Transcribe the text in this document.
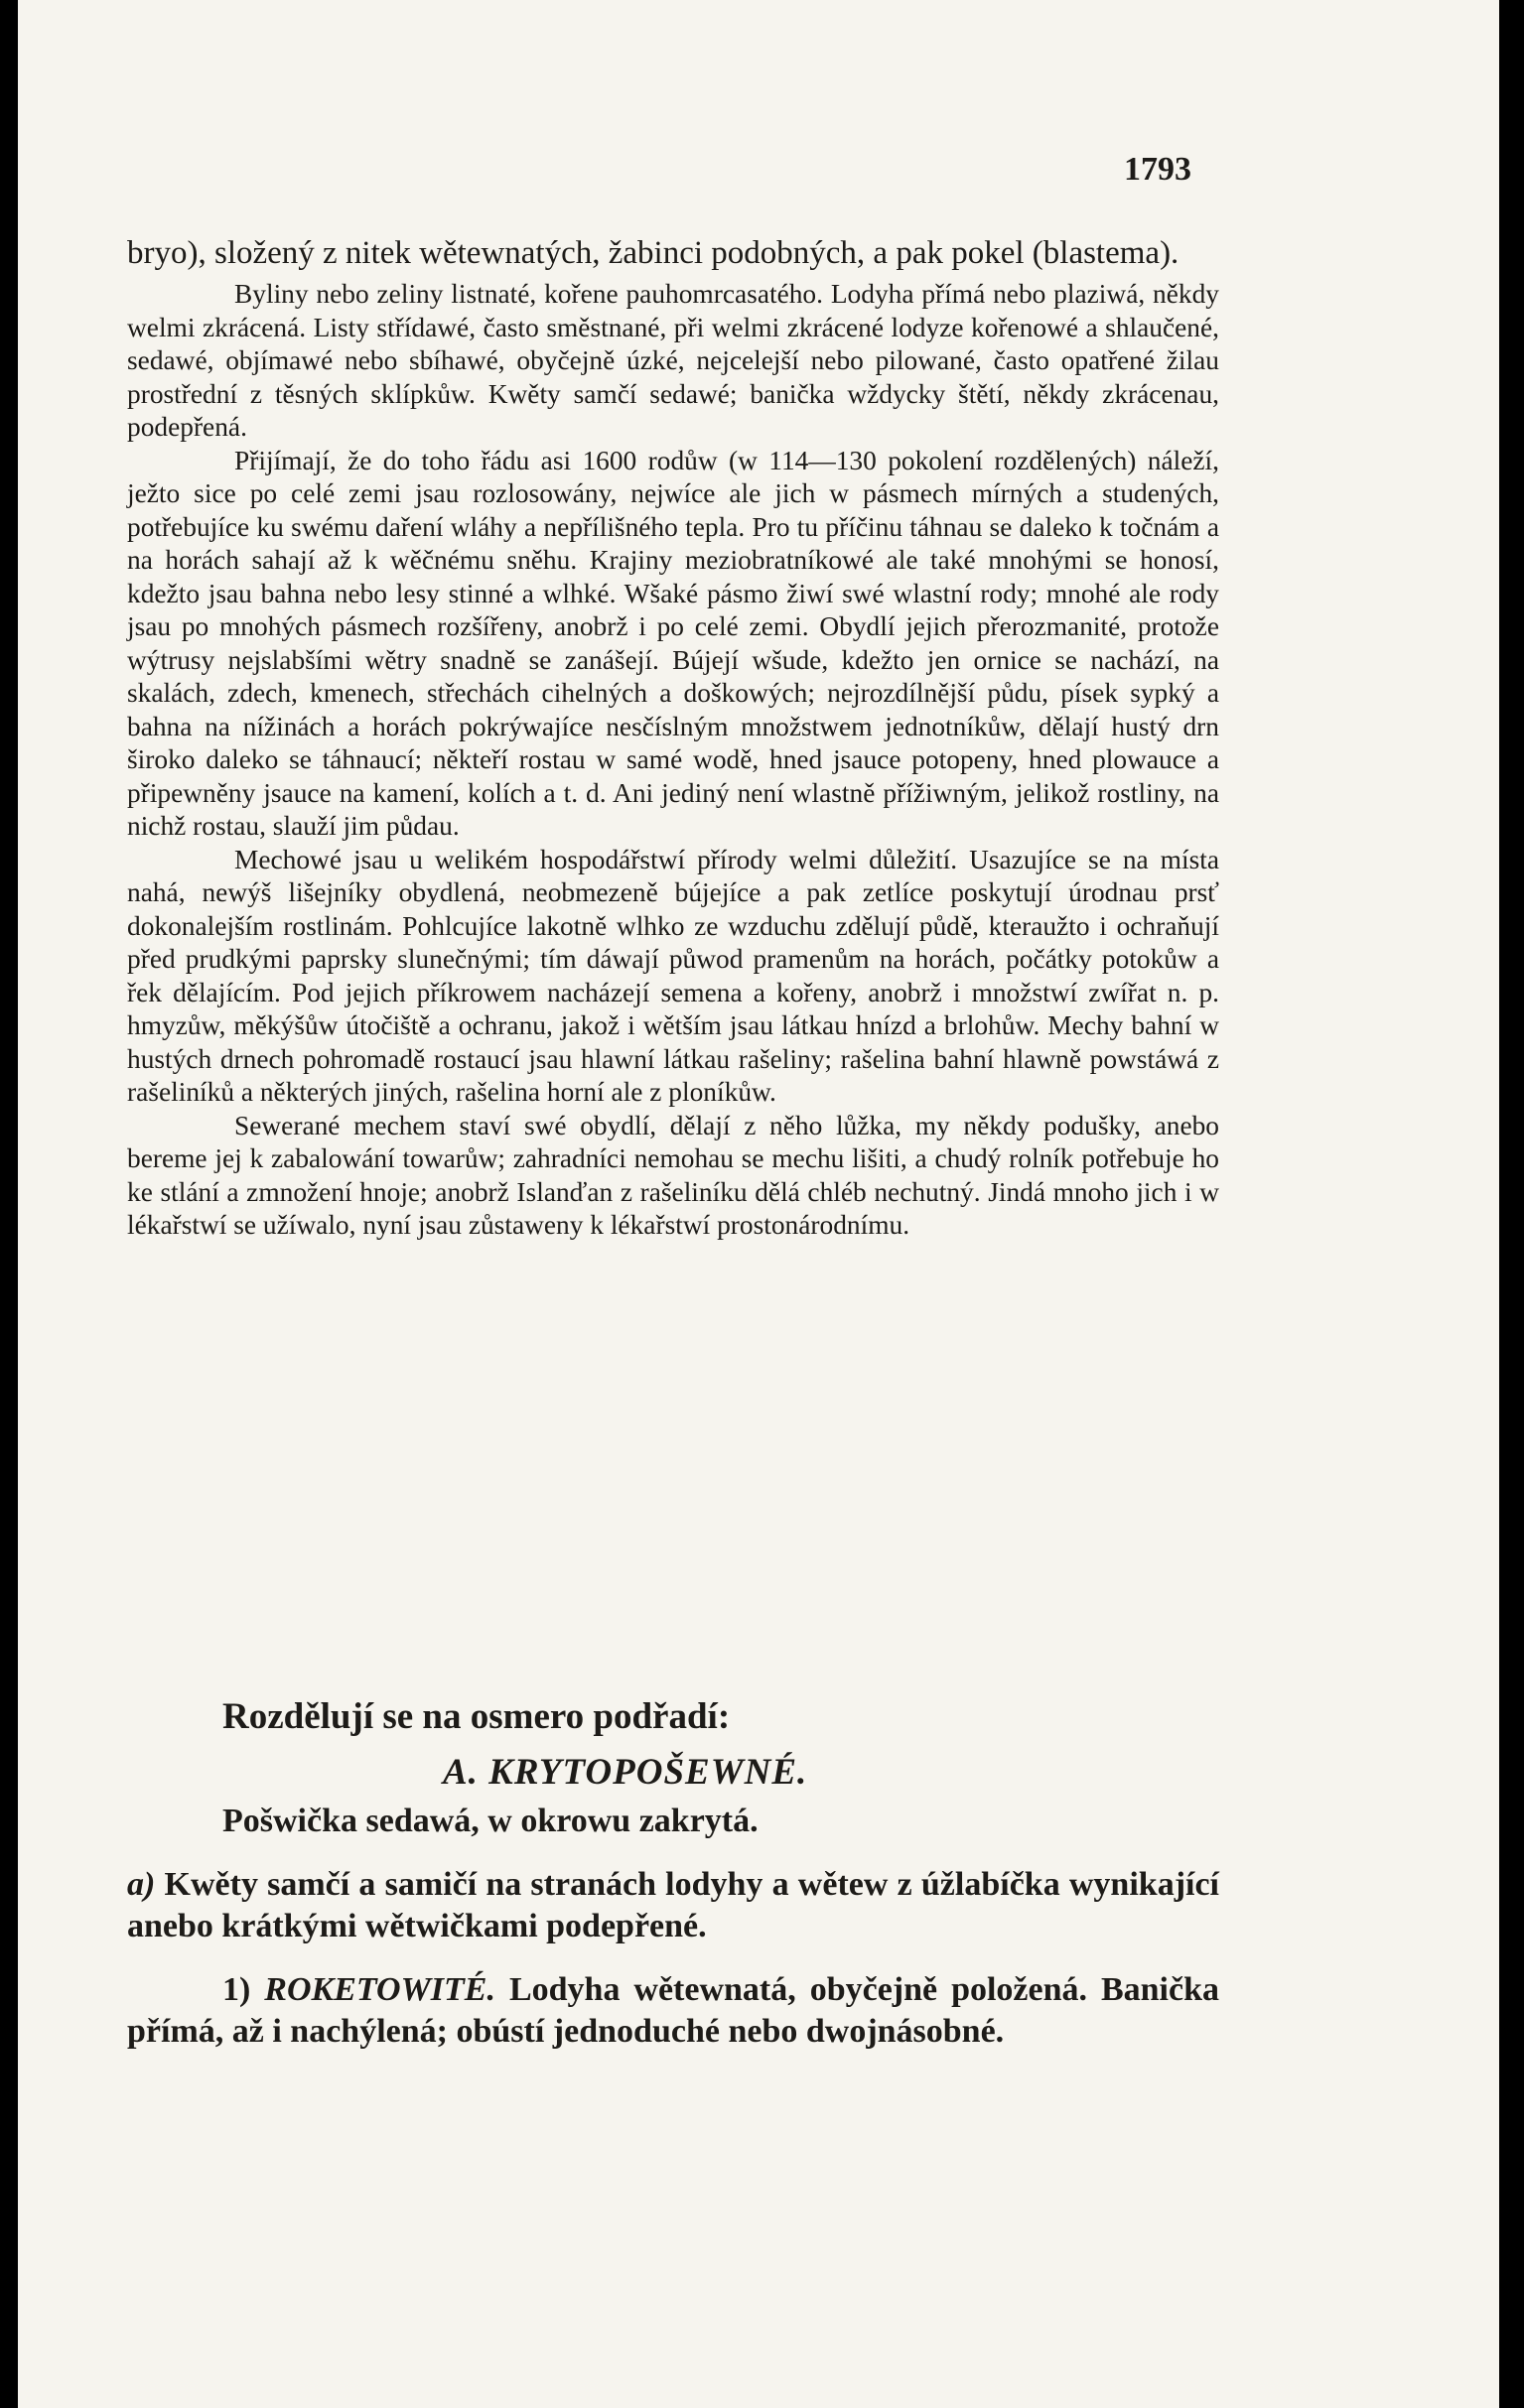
1793

bryo), složený z nitek wětewnatých, žabinci podobných, a pak pokel (blastema).

Byliny nebo zeliny listnaté, kořene pauhomrcasatého. Lodyha přímá nebo plaziwá, někdy welmi zkrácená. Listy střídawé, často směstnané, při welmi zkrácené lodyze kořenowé a shlaučené, sedawé, objímawé nebo sbíhawé, obyčejně úzké, nejcelejší nebo pilowané, často opatřené žilau prostřední z těsných sklípkůw. Kwěty samčí sedawé; banička wždycky štětí, někdy zkrácenau, podepřená.

Přijímají, že do toho řádu asi 1600 rodůw (w 114—130 pokolení rozdělených) náleží, ježto sice po celé zemi jsau rozlosowány, nejwíce ale jich w pásmech mírných a studených, potřebujíce ku swému daření wláhy a nepřílišného tepla. Pro tu příčinu táhnau se daleko k točnám a na horách sahají až k wěčnému sněhu. Krajiny meziobratníkowé ale také mnohými se honosí, kdežto jsau bahna nebo lesy stinné a wlhké. Wšaké pásmo žiwí swé wlastní rody; mnohé ale rody jsau po mnohých pásmech rozšířeny, anobrž i po celé zemi. Obydlí jejich přerozmanité, protože wýtrusy nejslabšími wětry snadně se zanášejí. Bújejí wšude, kdežto jen ornice se nachází, na skalách, zdech, kmenech, střechách cihelných a doškowých; nejrozdílnější půdu, písek sypký a bahna na nížinách a horách pokrýwajíce nesčíslným množstwem jednotníkůw, dělají hustý drn široko daleko se táhnaucí; někteří rostau w samé wodě, hned jsauce potopeny, hned plowauce a připewněny jsauce na kamení, kolích a t. d. Ani jediný není wlastně přížiwným, jelikož rostliny, na nichž rostau, slauží jim půdau.

Mechowé jsau u welikém hospodářstwí přírody welmi důležití. Usazujíce se na místa nahá, newýš lišejníky obydlená, neobmezeně bújejíce a pak zetlíce poskytují úrodnau prsť dokonalejším rostlinám. Pohlcujíce lakotně wlhko ze wzduchu zdělují půdě, kteraužto i ochraňují před prudkými paprsky slunečnými; tím dáwají půwod pramenům na horách, počátky potokůw a řek dělajícím. Pod jejich příkrowem nacházejí semena a kořeny, anobrž i množstwí zwířat n. p. hmyzůw, měkýšůw útočiště a ochranu, jakož i wětším jsau látkau hnízd a brlohůw. Mechy bahní w hustých drnech pohromadě rostaucí jsau hlawní látkau rašeliny; rašelina bahní hlawně powstáwá z rašeliníků a některých jiných, rašelina horní ale z ploníkůw.

Sewerané mechem staví swé obydlí, dělají z něho lůžka, my někdy podušky, anebo bereme jej k zabalowání towarůw; zahradníci nemohau se mechu lišiti, a chudý rolník potřebuje ho ke stlání a zmnožení hnoje; anobrž Islanďan z rašeliníku dělá chléb nechutný. Jindá mnoho jich i w lékařstwí se užíwalo, nyní jsau zůstaweny k lékařstwí prostonárodnímu.

Rozdělují se na osmero podřadí:
A. KRYTOPOŠEWNÉ.
Pošwička sedawá, w okrowu zakrytá.
a) Kwěty samčí a samičí na stranách lodyhy a wětew z úžlabíčka wynikající anebo krátkými wětwičkami podepřené.
1) ROKETOWITÉ. Lodyha wětewnatá, obyčejně položená. Banička přímá, až i nachýlená; obústí jednoduché nebo dwojnásobné.
